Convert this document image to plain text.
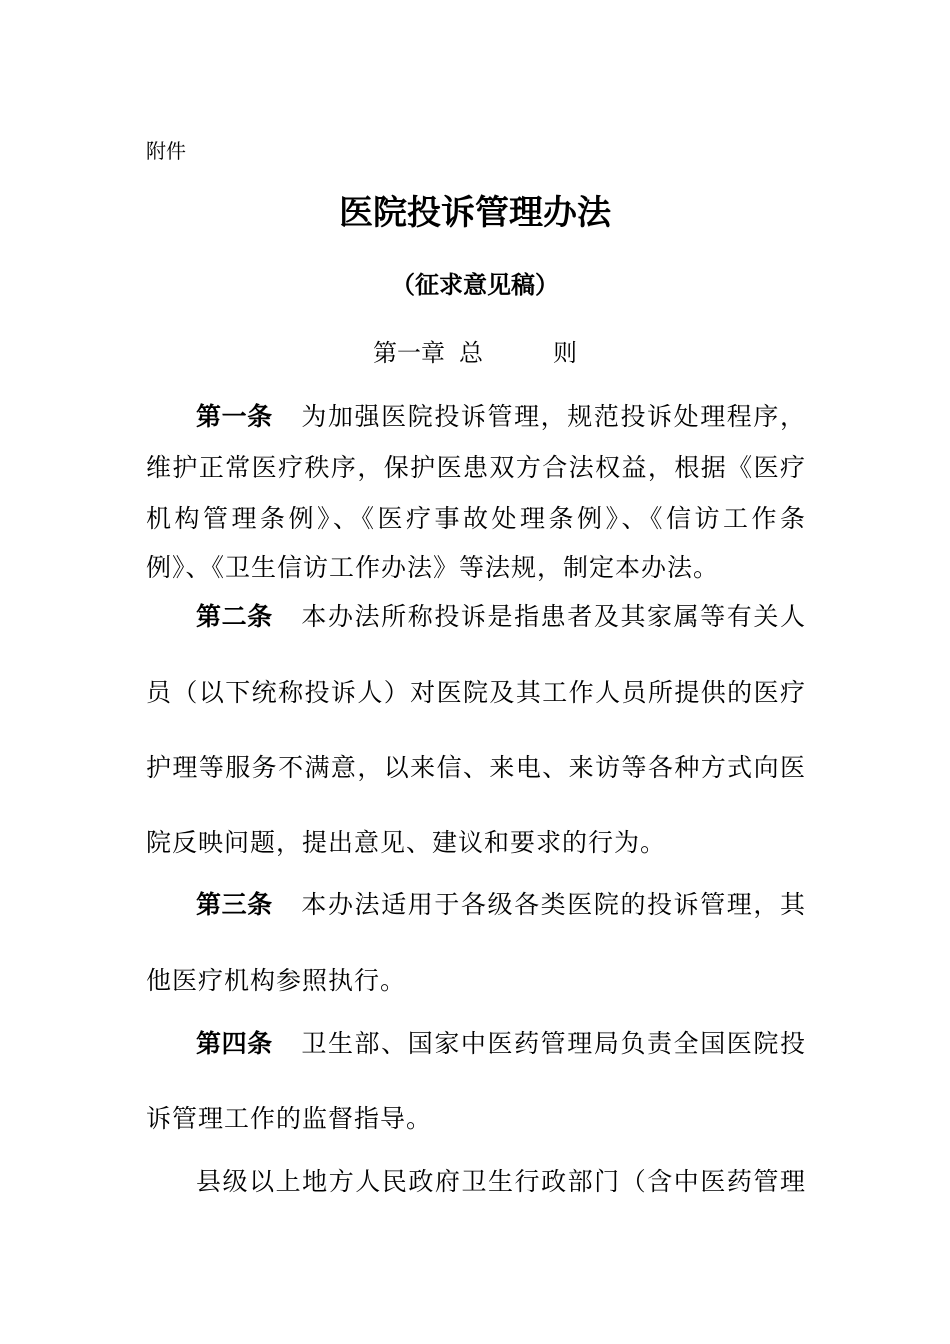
附件
医院投诉管理办法
（征求意见稿）
第一章 总	则
第一条 为加强医院投诉管理，规范投诉处理程序，
维护正常医疗秩序，保护医患双方合法权益，根据《医疗
机构管理条例》、《医疗事故处理条例》、《信访工作条
例》、《卫生信访工作办法》等法规，制定本办法。
第二条 本办法所称投诉是指患者及其家属等有关人
员（以下统称投诉人）对医院及其工作人员所提供的医疗
护理等服务不满意，以来信、来电、来访等各种方式向医
院反映问题，提出意见、建议和要求的行为。
第三条 本办法适用于各级各类医院的投诉管理，其
他医疗机构参照执行。
第四条 卫生部、国家中医药管理局负责全国医院投
诉管理工作的监督指导。
县级以上地方人民政府卫生行政部门（含中医药管理
